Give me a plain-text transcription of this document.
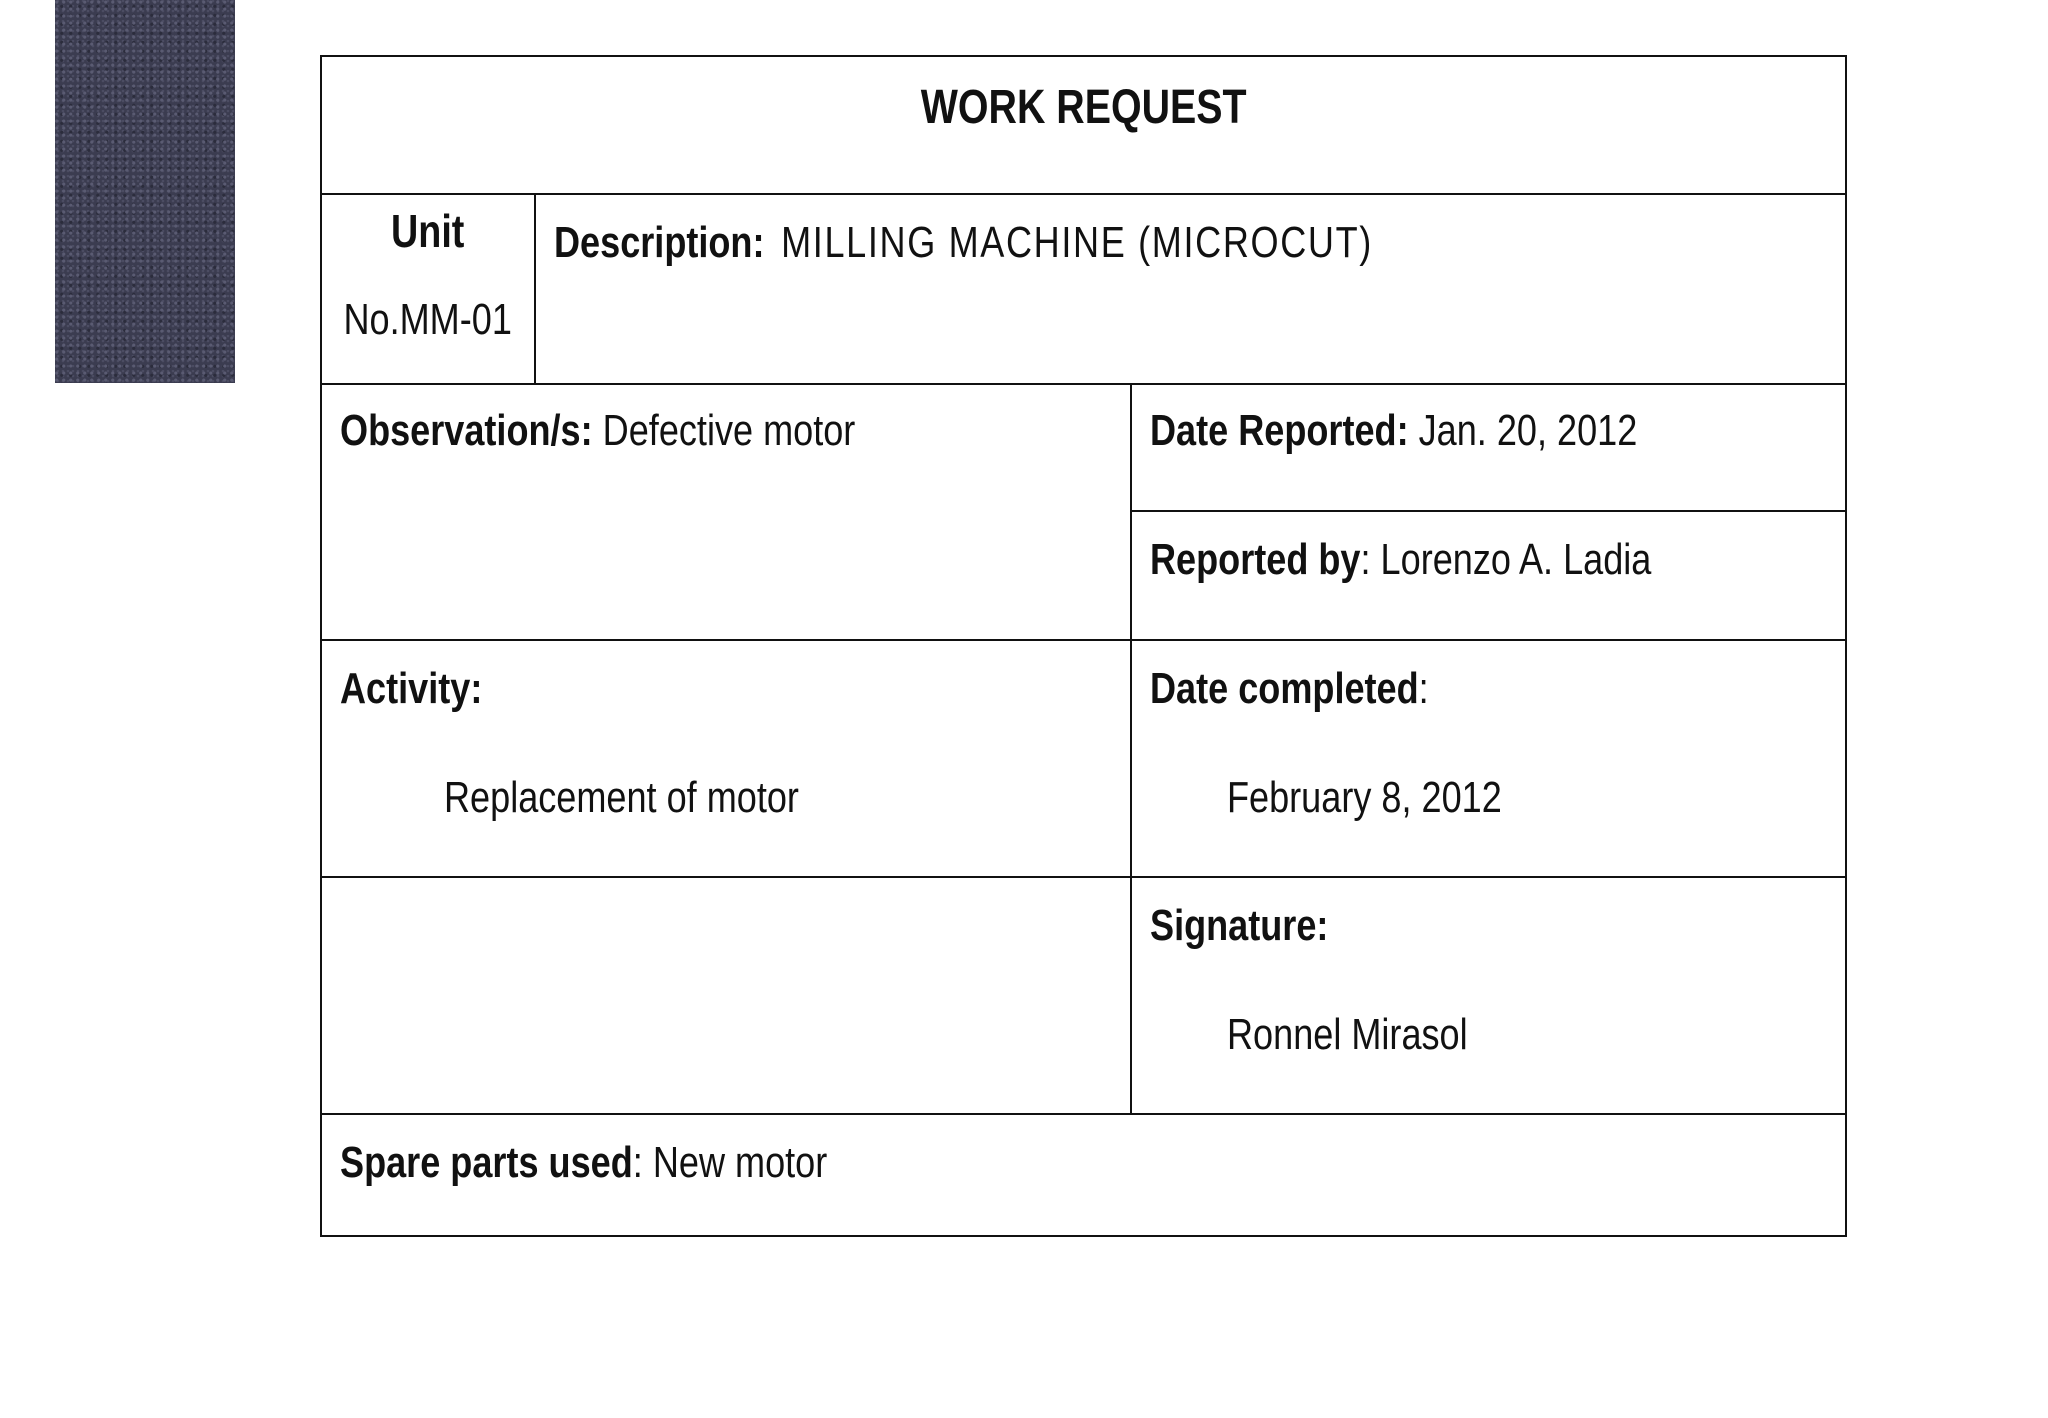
WORK REQUEST
Unit
No.MM-01
Description: MILLING MACHINE (MICROCUT)
Observation/s: Defective motor	Date Reported: Jan. 20, 2012
Reported by: Lorenzo A. Ladia
Activity:
Replacement of motor
Date completed:
February 8, 2012
Signature:
Ronnel Mirasol
Spare parts used: New motor
